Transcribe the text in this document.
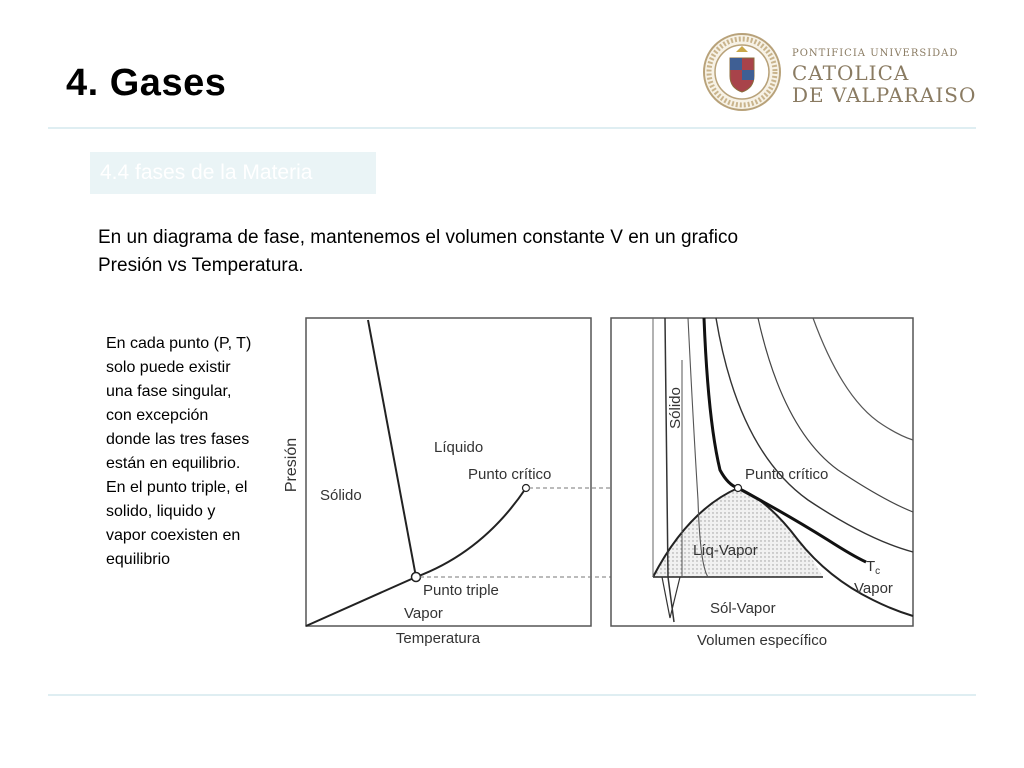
4. Gases
PONTIFICIA UNIVERSIDAD
CATOLICA
DE VALPARAISO
4.4 fases de la Materia
En un diagrama de fase, mantenemos el volumen constante V en un grafico
Presión vs Temperatura.
En cada punto (P, T) solo puede existir una fase singular, con excepción donde las tres fases están en equilibrio. En el punto triple, el solido, liquido y vapor coexisten en equilibrio
Presión
Temperatura
Sólido
Líquido
Vapor
Punto crítico
Punto triple
Sólido
Punto crítico
Líq-Vapor
Sól-Vapor
Vapor
$T_c$
Volumen específico
